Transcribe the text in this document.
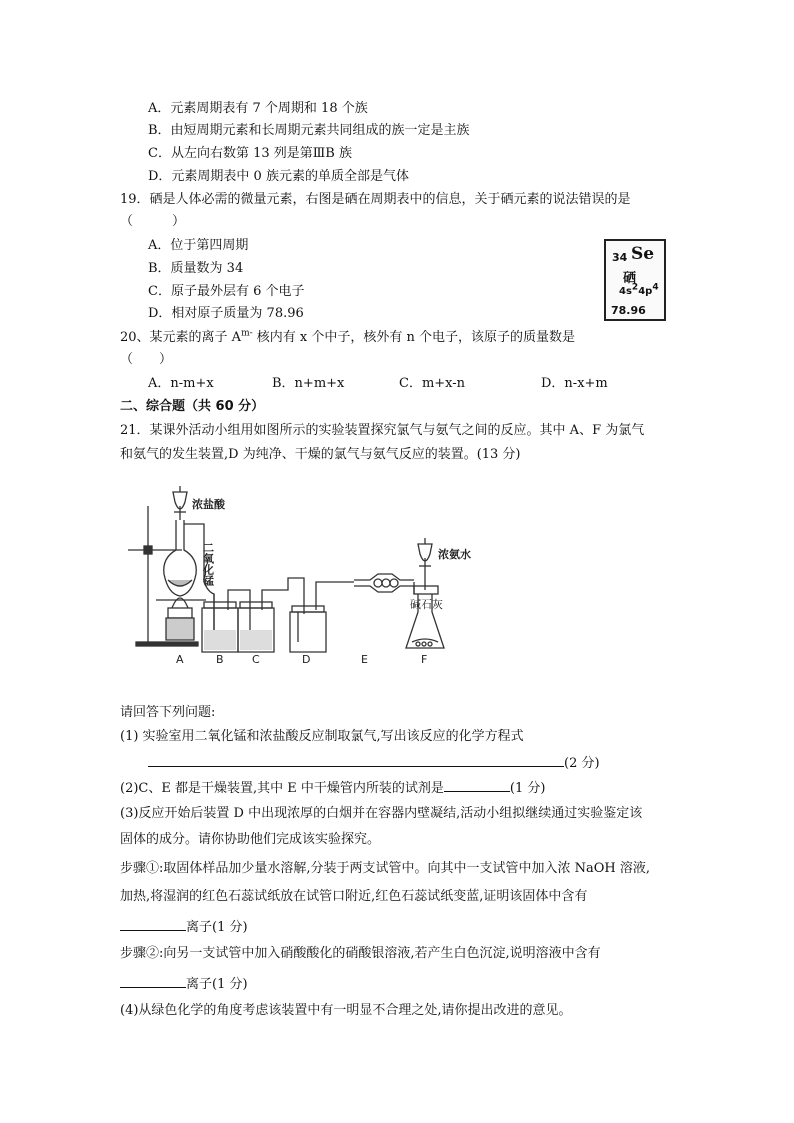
A．元素周期表有 7 个周期和 18 个族
B．由短周期元素和长周期元素共同组成的族一定是主族
C．从左向右数第 13 列是第ⅢB 族
D．元素周期表中 0 族元素的单质全部是气体
19．硒是人体必需的微量元素，右图是硒在周期表中的信息，关于硒元素的说法错误的是
（　　　）
A．位于第四周期
B．质量数为 34
C．原子最外层有 6 个电子
D．相对原子质量为 78.96
34 Se
硒
$4s^24p^4$
78.96
20、某元素的离子 $A^{m-}$ 核内有 x 个中子，核外有 n 个电子，该原子的质量数是
（　　）
A．n-m+x	B．n+m+x	C．m+x-n	D．n-x+m
二、综合题（共 60 分）
21．某课外活动小组用如图所示的实验装置探究氯气与氨气之间的反应。其中 A、F 为氯气
和氨气的发生装置,D 为纯净、干燥的氯气与氨气反应的装置。(13 分)
浓盐酸
二氧化锰	浓氨水
碱石灰
A	B	C	D	E	F
请回答下列问题:
(1) 实验室用二氧化锰和浓盐酸反应制取氯气,写出该反应的化学方程式
(2 分)
(2)C、E 都是干燥装置,其中 E 中干燥管内所装的试剂是	(1 分)
(3)反应开始后装置 D 中出现浓厚的白烟并在容器内壁凝结,活动小组拟继续通过实验鉴定该
固体的成分。请你协助他们完成该实验探究。
步骤①:取固体样品加少量水溶解,分装于两支试管中。向其中一支试管中加入浓 NaOH 溶液,
加热,将湿润的红色石蕊试纸放在试管口附近,红色石蕊试纸变蓝,证明该固体中含有
离子(1 分)
步骤②:向另一支试管中加入硝酸酸化的硝酸银溶液,若产生白色沉淀,说明溶液中含有
离子(1 分)
(4)从绿色化学的角度考虑该装置中有一明显不合理之处,请你提出改进的意见。
